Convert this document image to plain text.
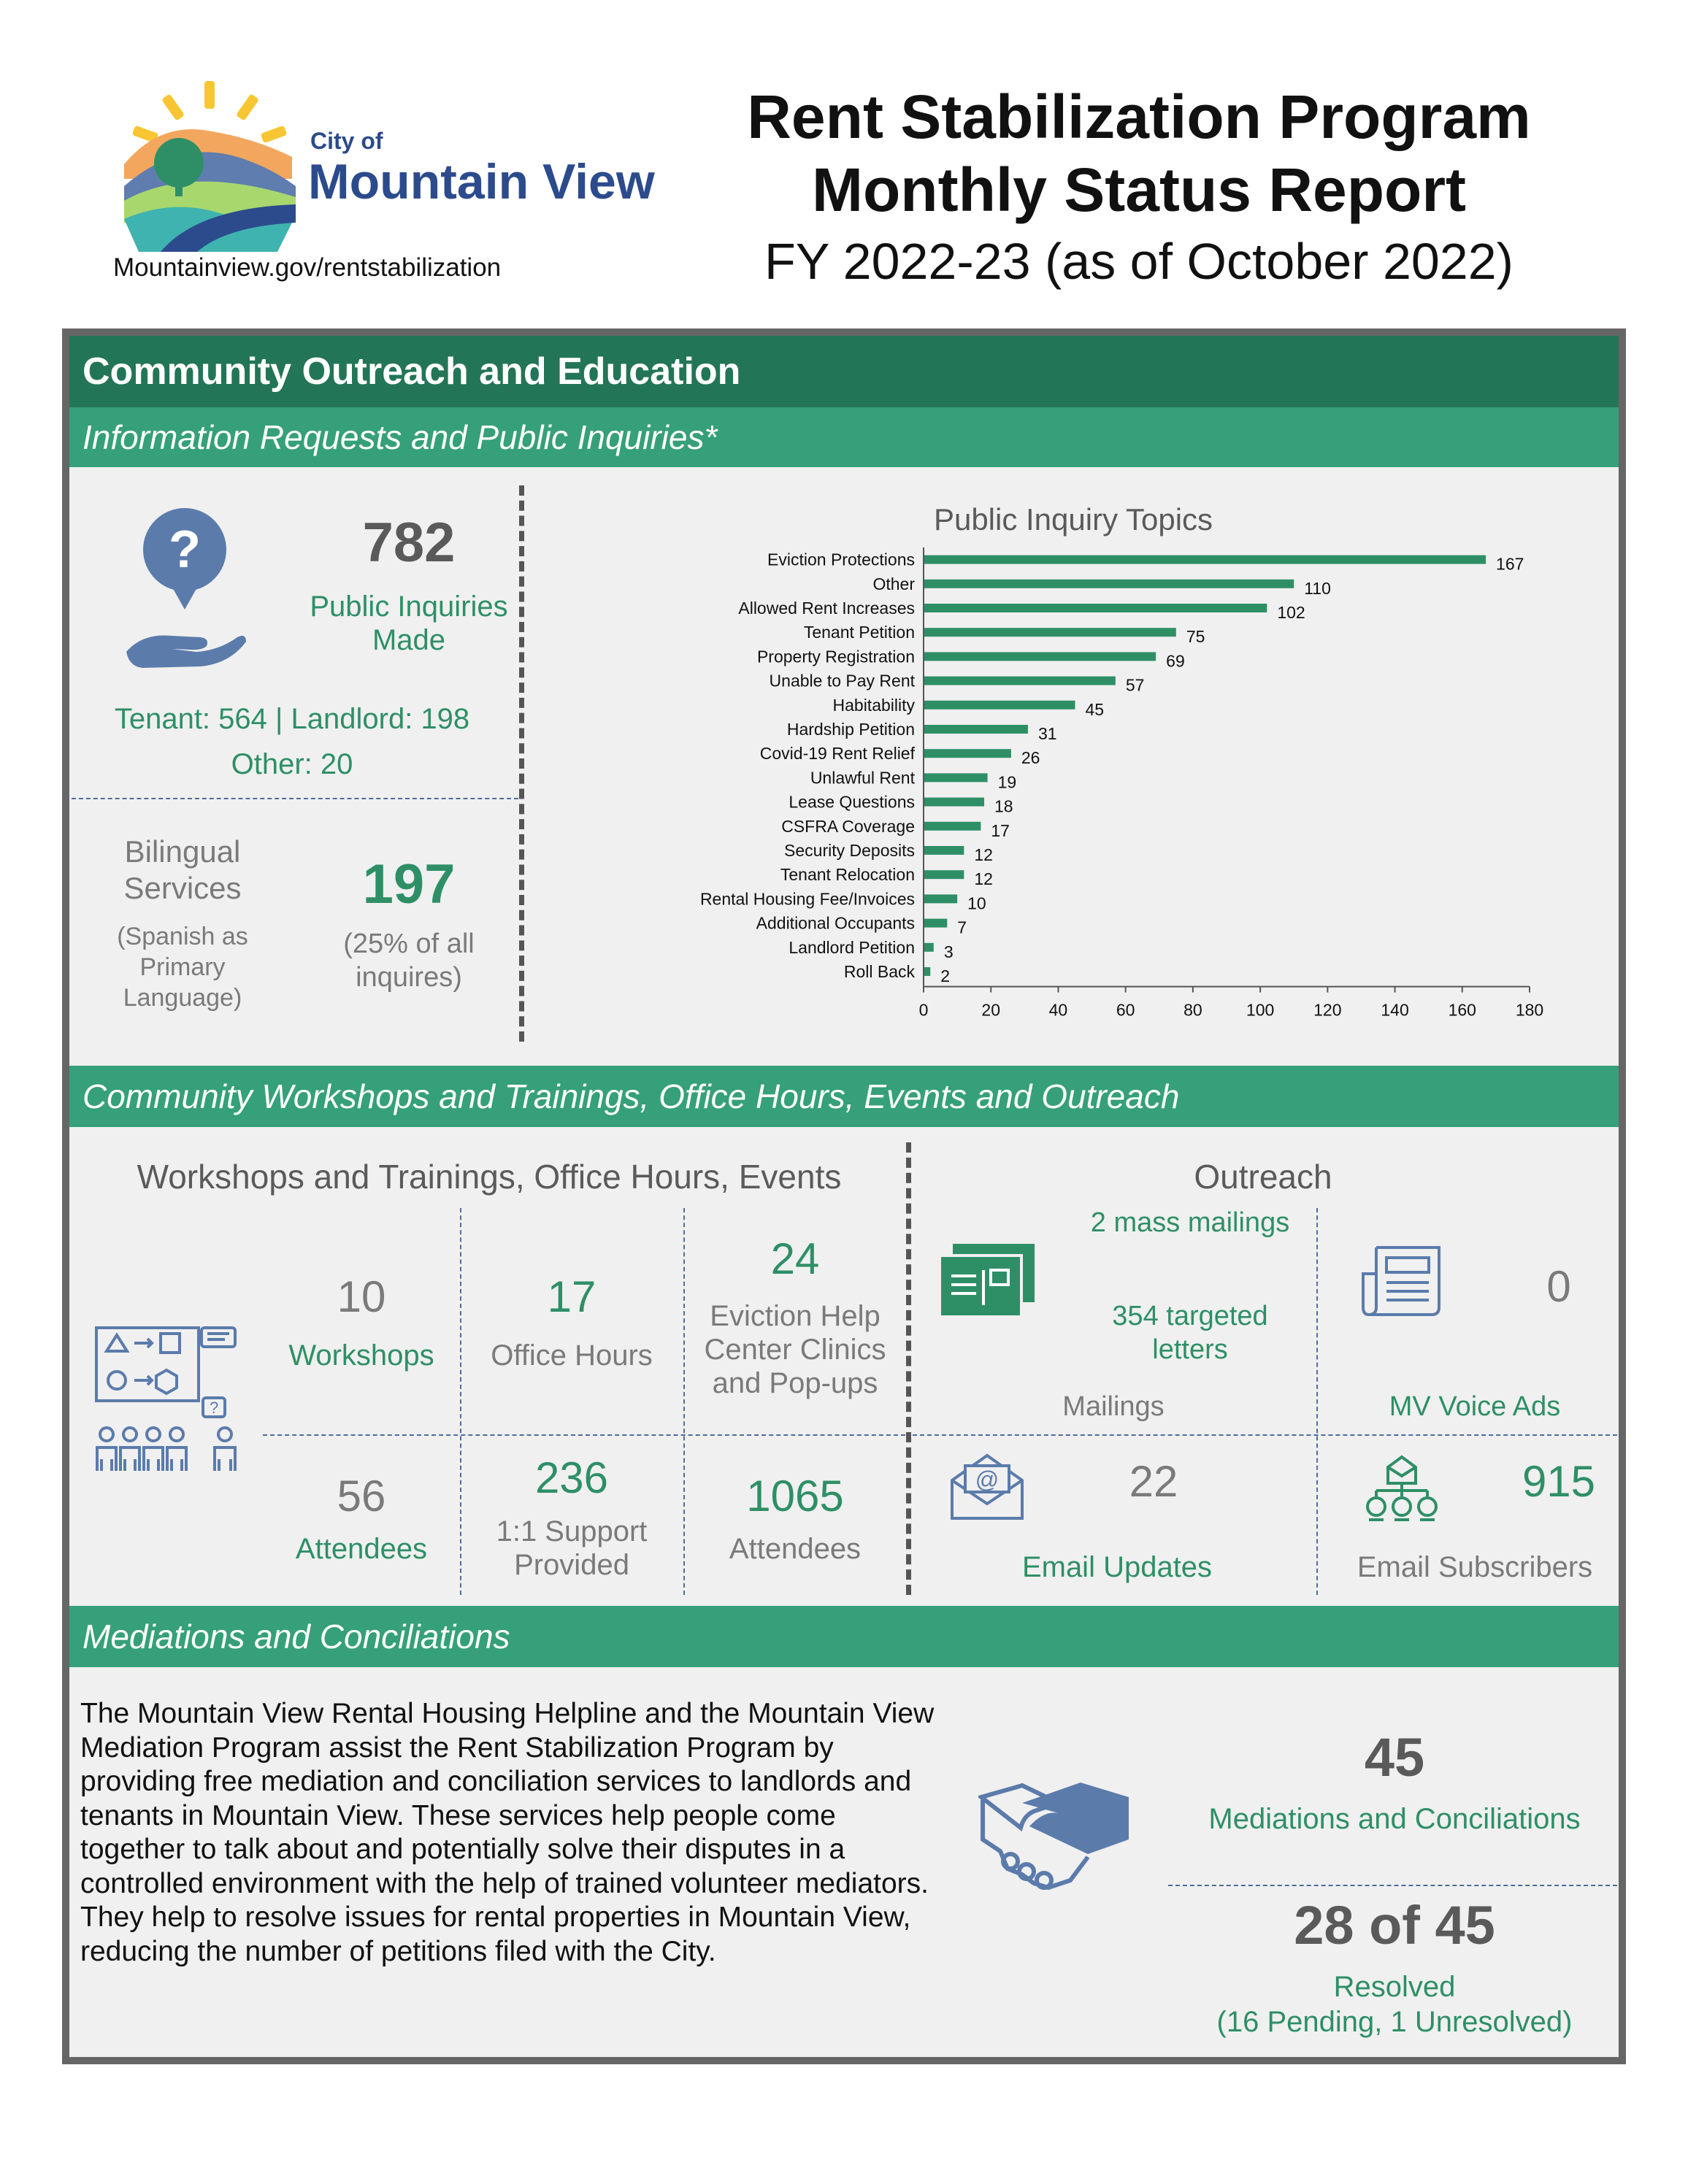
City of
Mountain View
Mountainview.gov/rentstabilization
Rent Stabilization Program
Monthly Status Report
FY 2022-23 (as of October 2022)
Community Outreach and Education
Information Requests and Public Inquiries*
?	782
Public Inquiries Made
Tenant: 564 | Landlord: 198
Other: 20
Bilingual Services
(Spanish as Primary Language)
197
(25% of all inquires)
Public Inquiry Topics
Eviction Protections	167
Other	110
Allowed Rent Increases	102
Tenant Petition	75
Property Registration	69
Unable to Pay Rent	57
Habitability	45
Hardship Petition	31
Covid-19 Rent Relief	26
Unlawful Rent	19
Lease Questions	18
CSFRA Coverage	17
Security Deposits	12
Tenant Relocation	12
Rental Housing Fee/Invoices	10
Additional Occupants	7
Landlord Petition 3
Roll Back 2
0	20	40	60	80	100 120 140 160 180
Community Workshops and Trainings, Office Hours, Events and Outreach
Workshops and Trainings, Office Hours, Events
?
10
Workshops
17
Office Hours
24
Eviction Help Center Clinics and Pop-ups
56
Attendees
236
1:1 Support Provided
1065
Attendees
Outreach
2 mass mailings
354 targeted letters
Mailings
0
MV Voice Ads
@	22
Email Updates
915
Email Subscribers
Mediations and Conciliations
The Mountain View Rental Housing Helpline and the Mountain View Mediation Program assist the Rent Stabilization Program by providing free mediation and conciliation services to landlords and tenants in Mountain View. These services help people come together to talk about and potentially solve their disputes in a controlled environment with the help of trained volunteer mediators. They help to resolve issues for rental properties in Mountain View, reducing the number of petitions filed with the City.
45
Mediations and Conciliations
28 of 45
Resolved
(16 Pending, 1 Unresolved)
